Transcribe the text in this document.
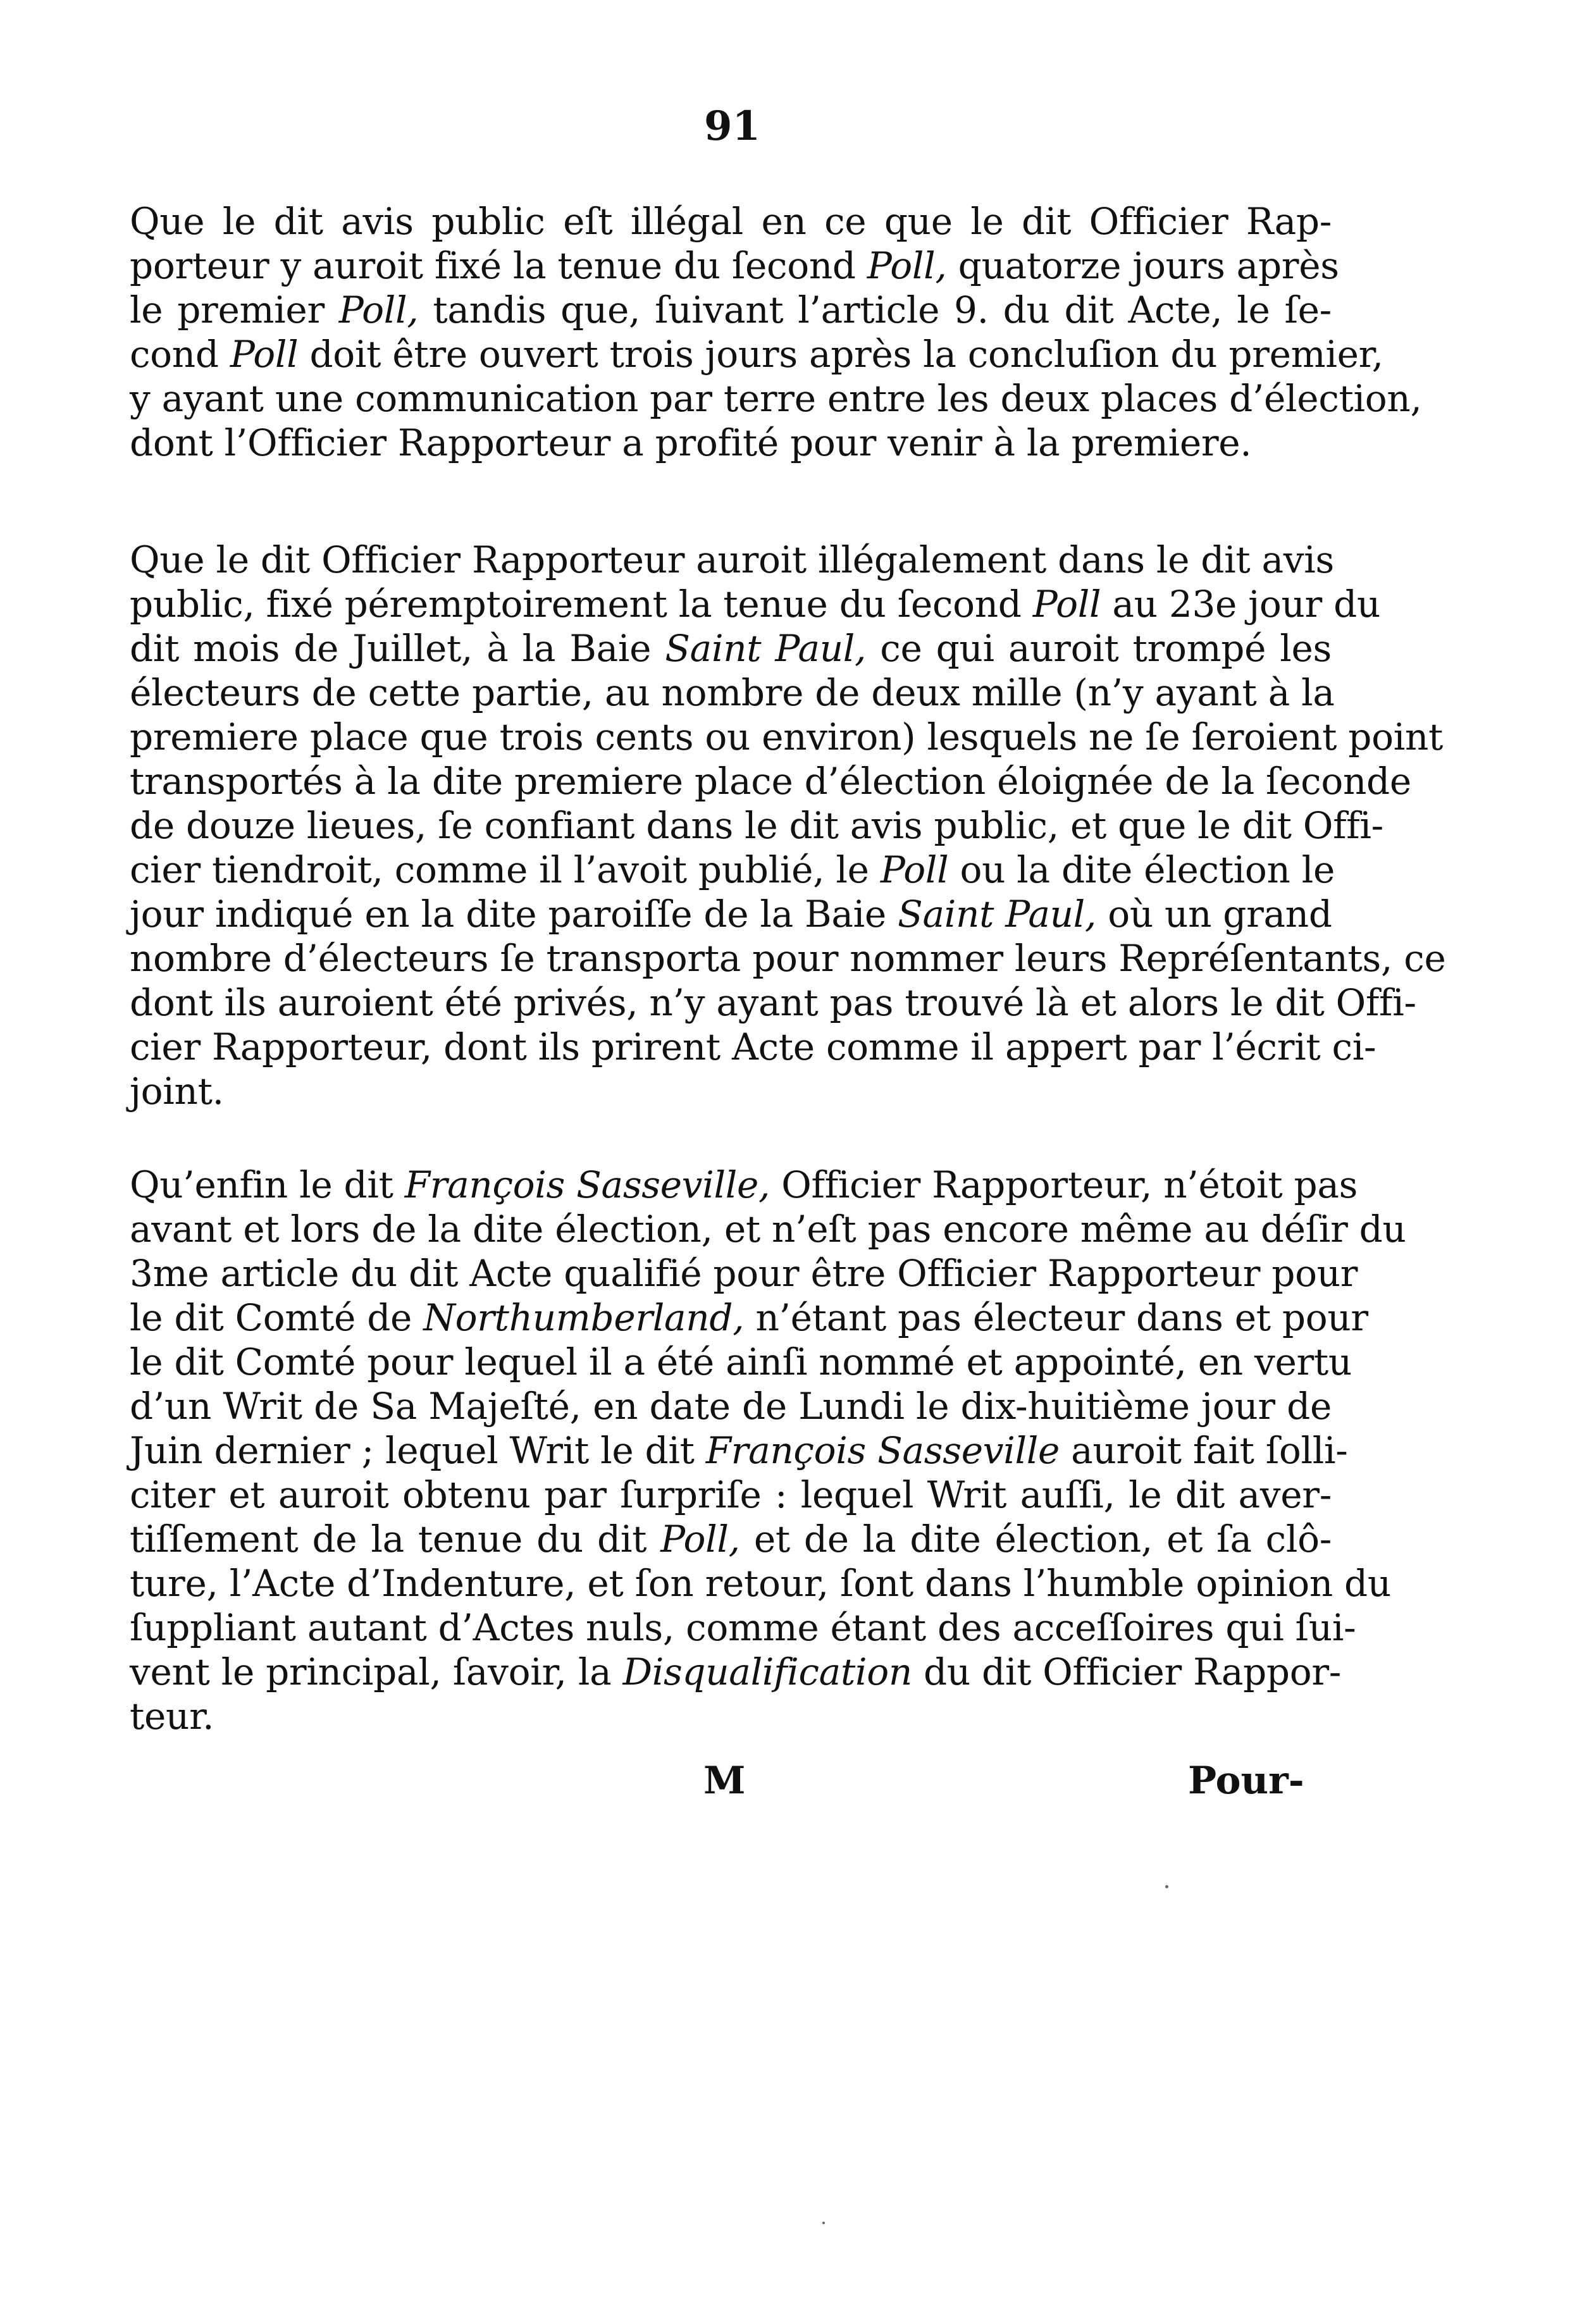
91
Que le dit avis public eſt illégal en ce que le dit Officier Rap-
porteur y auroit fixé la tenue du ſecond Poll, quatorze jours après
le premier Poll, tandis que, ſuivant l’article 9. du dit Acte, le ſe-
cond Poll doit être ouvert trois jours après la concluſion du premier,
y ayant une communication par terre entre les deux places d’élection,
dont l’Officier Rapporteur a profité pour venir à la premiere.
Que le dit Officier Rapporteur auroit illégalement dans le dit avis
public, fixé péremptoirement la tenue du ſecond Poll au 23e jour du
dit mois de Juillet, à la Baie Saint Paul, ce qui auroit trompé les
électeurs de cette partie, au nombre de deux mille (n’y ayant à la
premiere place que trois cents ou environ) lesquels ne ſe ſeroient point
transportés à la dite premiere place d’élection éloignée de la ſeconde
de douze lieues, ſe confiant dans le dit avis public, et que le dit Offi-
cier tiendroit, comme il l’avoit publié, le Poll ou la dite élection le
jour indiqué en la dite paroiſſe de la Baie Saint Paul, où un grand
nombre d’électeurs ſe transporta pour nommer leurs Repréſentants, ce
dont ils auroient été privés, n’y ayant pas trouvé là et alors le dit Offi-
cier Rapporteur, dont ils prirent Acte comme il appert par l’écrit ci-
joint.
Qu’enfin le dit François Sasseville, Officier Rapporteur, n’étoit pas
avant et lors de la dite élection, et n’eſt pas encore même au déſir du
3me article du dit Acte qualifié pour être Officier Rapporteur pour
le dit Comté de Northumberland, n’étant pas électeur dans et pour
le dit Comté pour lequel il a été ainſi nommé et appointé, en vertu
d’un Writ de Sa Majeſté, en date de Lundi le dix-huitième jour de
Juin dernier ; lequel Writ le dit François Sasseville auroit fait ſolli-
citer et auroit obtenu par ſurpriſe : lequel Writ auſſi, le dit aver-
tiſſement de la tenue du dit Poll, et de la dite élection, et ſa clô-
ture, l’Acte d’Indenture, et ſon retour, ſont dans l’humble opinion du
ſuppliant autant d’Actes nuls, comme étant des acceſſoires qui ſui-
vent le principal, ſavoir, la Disqualification du dit Officier Rappor-
teur.
M	Pour-
